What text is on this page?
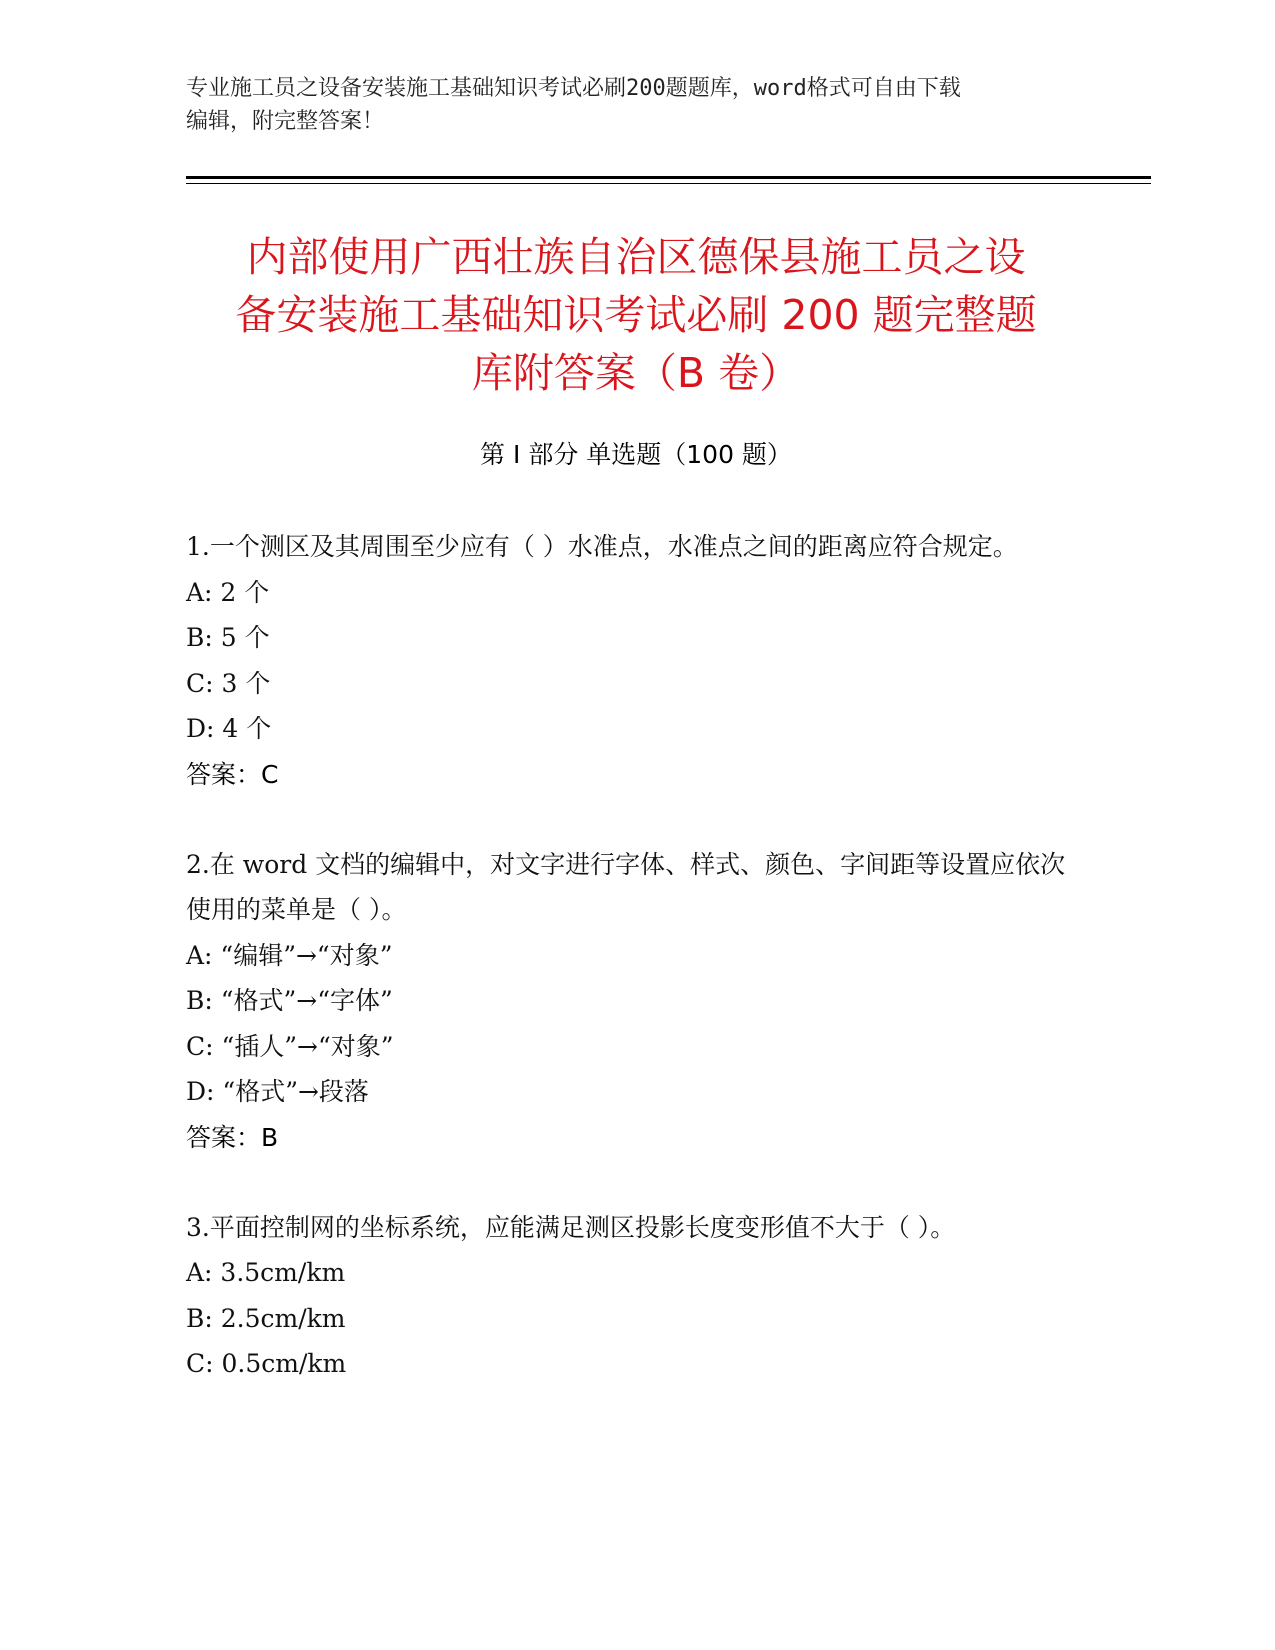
专业施工员之设备安装施工基础知识考试必刷200题题库，word格式可自由下载
编辑，附完整答案！
内部使用广西壮族自治区德保县施工员之设
备安装施工基础知识考试必刷 200 题完整题
库附答案（B 卷）
第 I 部分 单选题（100 题）
1.一个测区及其周围至少应有（ ）水准点，水准点之间的距离应符合规定。
A: 2 个
B: 5 个
C: 3 个
D: 4 个
答案：C
2.在 word 文档的编辑中，对文字进行字体、样式、颜色、字间距等设置应依次使用的菜单是（ ）。
A: “编辑”→“对象”
B: “格式”→“字体”
C: “插人”→“对象”
D: “格式”→段落
答案：B
3.平面控制网的坐标系统，应能满足测区投影长度变形值不大于（ ）。
A: 3.5cm/km
B: 2.5cm/km
C: 0.5cm/km
